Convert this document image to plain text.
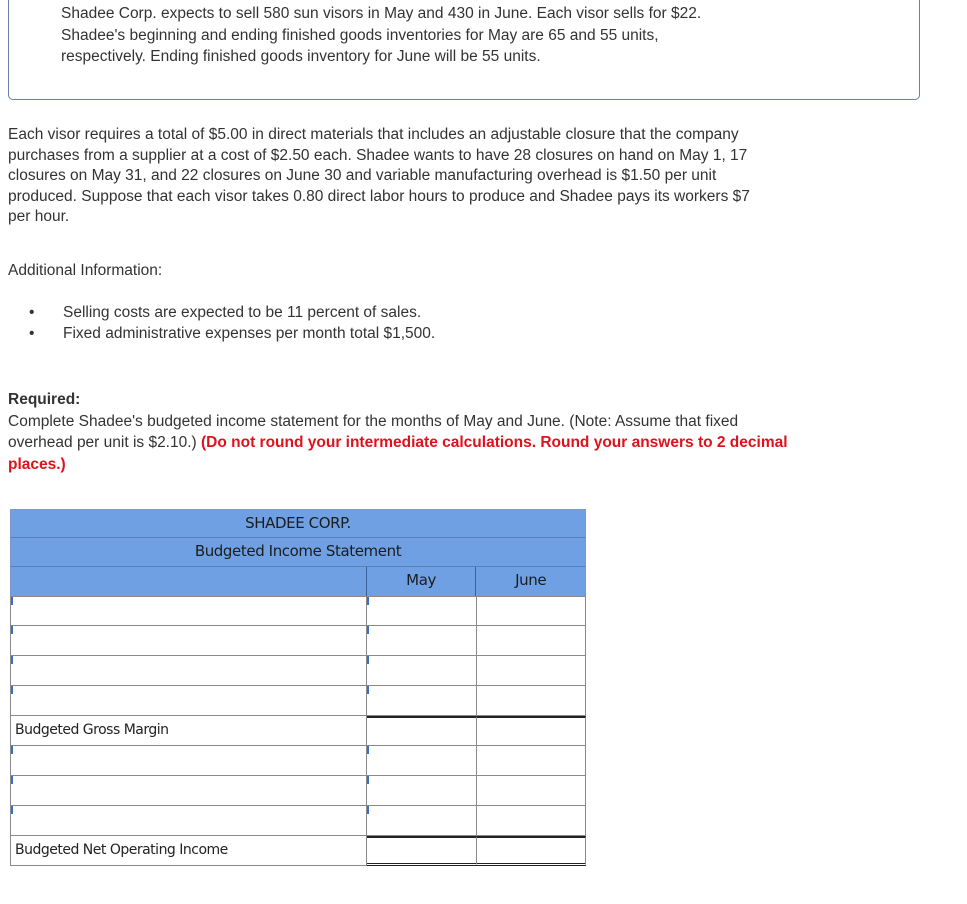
Shadee Corp. expects to sell 580 sun visors in May and 430 in June. Each visor sells for $22.
Shadee's beginning and ending finished goods inventories for May are 65 and 55 units,
respectively. Ending finished goods inventory for June will be 55 units.
Each visor requires a total of $5.00 in direct materials that includes an adjustable closure that the company
purchases from a supplier at a cost of $2.50 each. Shadee wants to have 28 closures on hand on May 1, 17
closures on May 31, and 22 closures on June 30 and variable manufacturing overhead is $1.50 per unit
produced. Suppose that each visor takes 0.80 direct labor hours to produce and Shadee pays its workers $7
per hour.
Additional Information:
• Selling costs are expected to be 11 percent of sales.
• Fixed administrative expenses per month total $1,500.
Required:
Complete Shadee's budgeted income statement for the months of May and June. (Note: Assume that fixed
overhead per unit is $2.10.) (Do not round your intermediate calculations. Round your answers to 2 decimal
places.)
SHADEE CORP.
Budgeted Income Statement
May	June
Budgeted Gross Margin
Budgeted Net Operating Income
